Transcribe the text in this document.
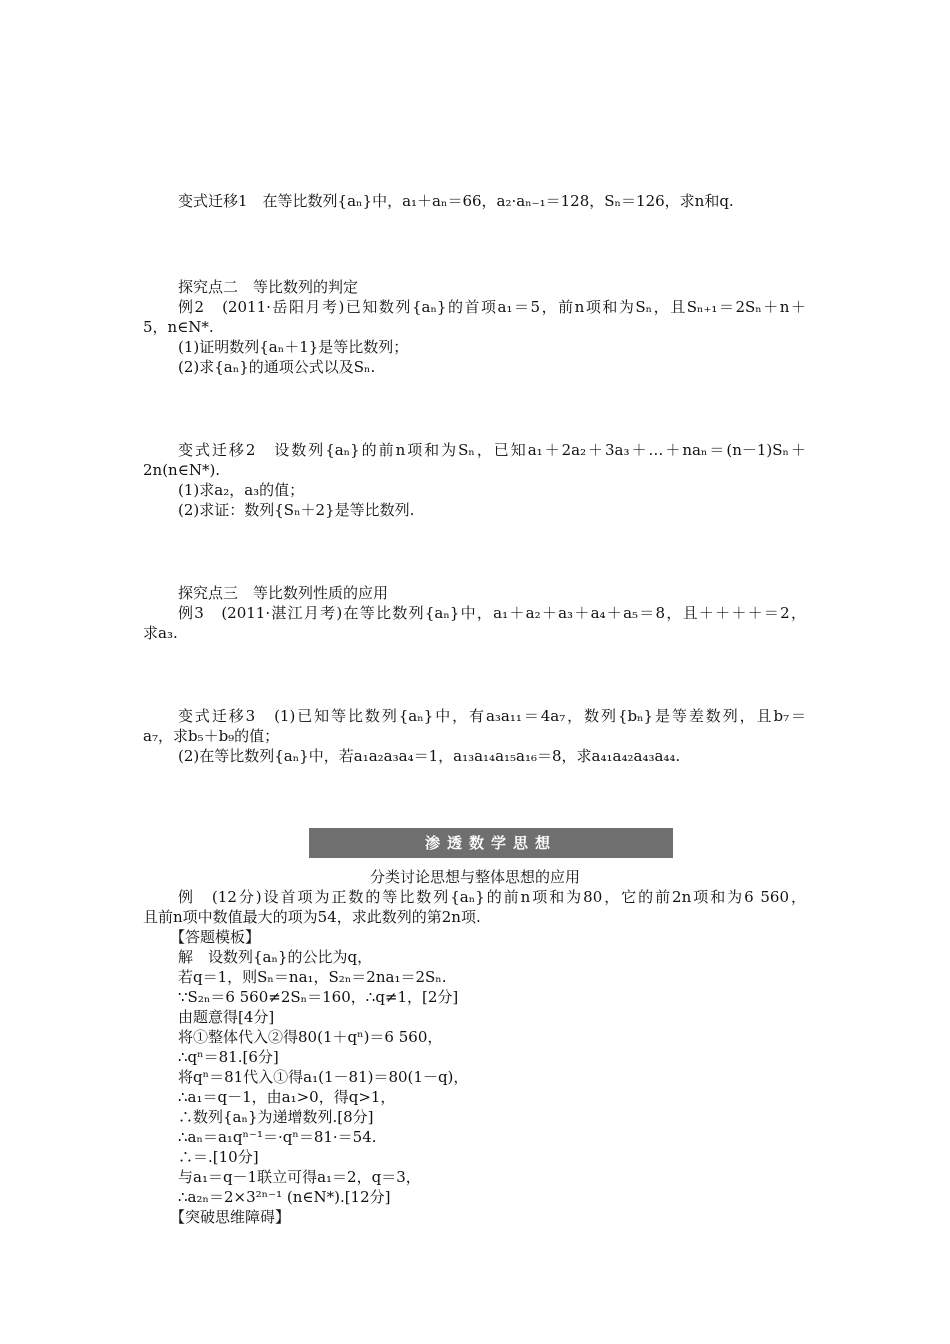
变式迁移1　在等比数列{aₙ}中，a₁＋aₙ＝66，a₂·aₙ₋₁＝128，Sₙ＝126，求n和q.
探究点二　等比数列的判定
例2　(2011·岳阳月考)已知数列{aₙ}的首项a₁＝5，前n项和为Sₙ，且Sₙ₊₁＝2Sₙ＋n＋
5，n∈N*.
(1)证明数列{aₙ＋1}是等比数列；
(2)求{aₙ}的通项公式以及Sₙ.
变式迁移2　设数列{aₙ}的前n项和为Sₙ，已知a₁＋2a₂＋3a₃＋…＋naₙ＝(n－1)Sₙ＋
2n(n∈N*).
(1)求a₂，a₃的值；
(2)求证：数列{Sₙ＋2}是等比数列.
探究点三　等比数列性质的应用
例3　(2011·湛江月考)在等比数列{aₙ}中，a₁＋a₂＋a₃＋a₄＋a₅＝8，且＋＋＋＋＝2，
求a₃.
变式迁移3　(1)已知等比数列{aₙ}中，有a₃a₁₁＝4a₇，数列{bₙ}是等差数列，且b₇＝
a₇，求b₅＋b₉的值；
(2)在等比数列{aₙ}中，若a₁a₂a₃a₄＝1，a₁₃a₁₄a₁₅a₁₆＝8，求a₄₁a₄₂a₄₃a₄₄.
渗透数学思想
分类讨论思想与整体思想的应用
例　(12分)设首项为正数的等比数列{aₙ}的前n项和为80，它的前2n项和为6 560，
且前n项中数值最大的项为54，求此数列的第2n项.
【答题模板】
解　设数列{aₙ}的公比为q，
若q＝1，则Sₙ＝na₁，S₂ₙ＝2na₁＝2Sₙ.
∵S₂ₙ＝6 560≠2Sₙ＝160，∴q≠1，[2分]
由题意得[4分]
将①整体代入②得80(1＋qⁿ)＝6 560，
∴qⁿ＝81.[6分]
将qⁿ＝81代入①得a₁(1－81)＝80(1－q)，
∴a₁＝q－1，由a₁>0，得q>1，
∴数列{aₙ}为递增数列.[8分]
∴aₙ＝a₁qⁿ⁻¹＝·qⁿ＝81·＝54.
∴＝.[10分]
与a₁＝q－1联立可得a₁＝2，q＝3，
∴a₂ₙ＝2×3²ⁿ⁻¹ (n∈N*).[12分]
【突破思维障碍】
